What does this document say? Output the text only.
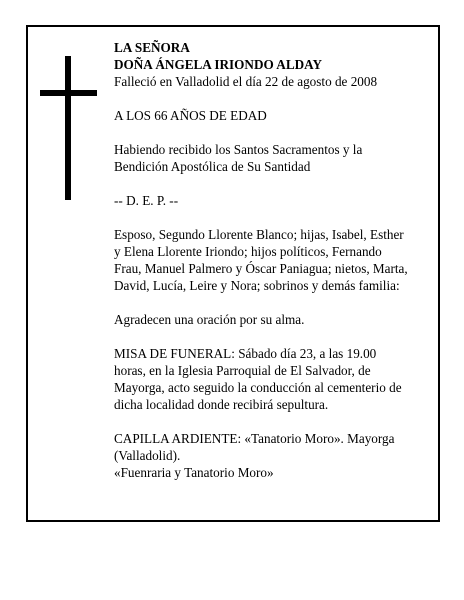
LA SEÑORA

DOÑA ÁNGELA IRIONDO ALDAY

Falleció en Valladolid el día 22 de agosto de 2008

A LOS 66 AÑOS DE EDAD

Habiendo recibido los Santos Sacramentos y la

Bendición Apostólica de Su Santidad

-- D. E. P. --

Esposo, Segundo Llorente Blanco; hijas, Isabel, Esther

y Elena Llorente Iriondo; hijos políticos, Fernando

Frau, Manuel Palmero y Óscar Paniagua; nietos, Marta,

David, Lucía, Leire y Nora; sobrinos y demás familia:

Agradecen una oración por su alma.

MISA DE FUNERAL: Sábado día 23, a las 19.00

horas, en la Iglesia Parroquial de El Salvador, de

Mayorga, acto seguido la conducción al cementerio de

dicha localidad donde recibirá sepultura.

CAPILLA ARDIENTE: «Tanatorio Moro». Mayorga

(Valladolid).

«Fuenraria y Tanatorio Moro»
